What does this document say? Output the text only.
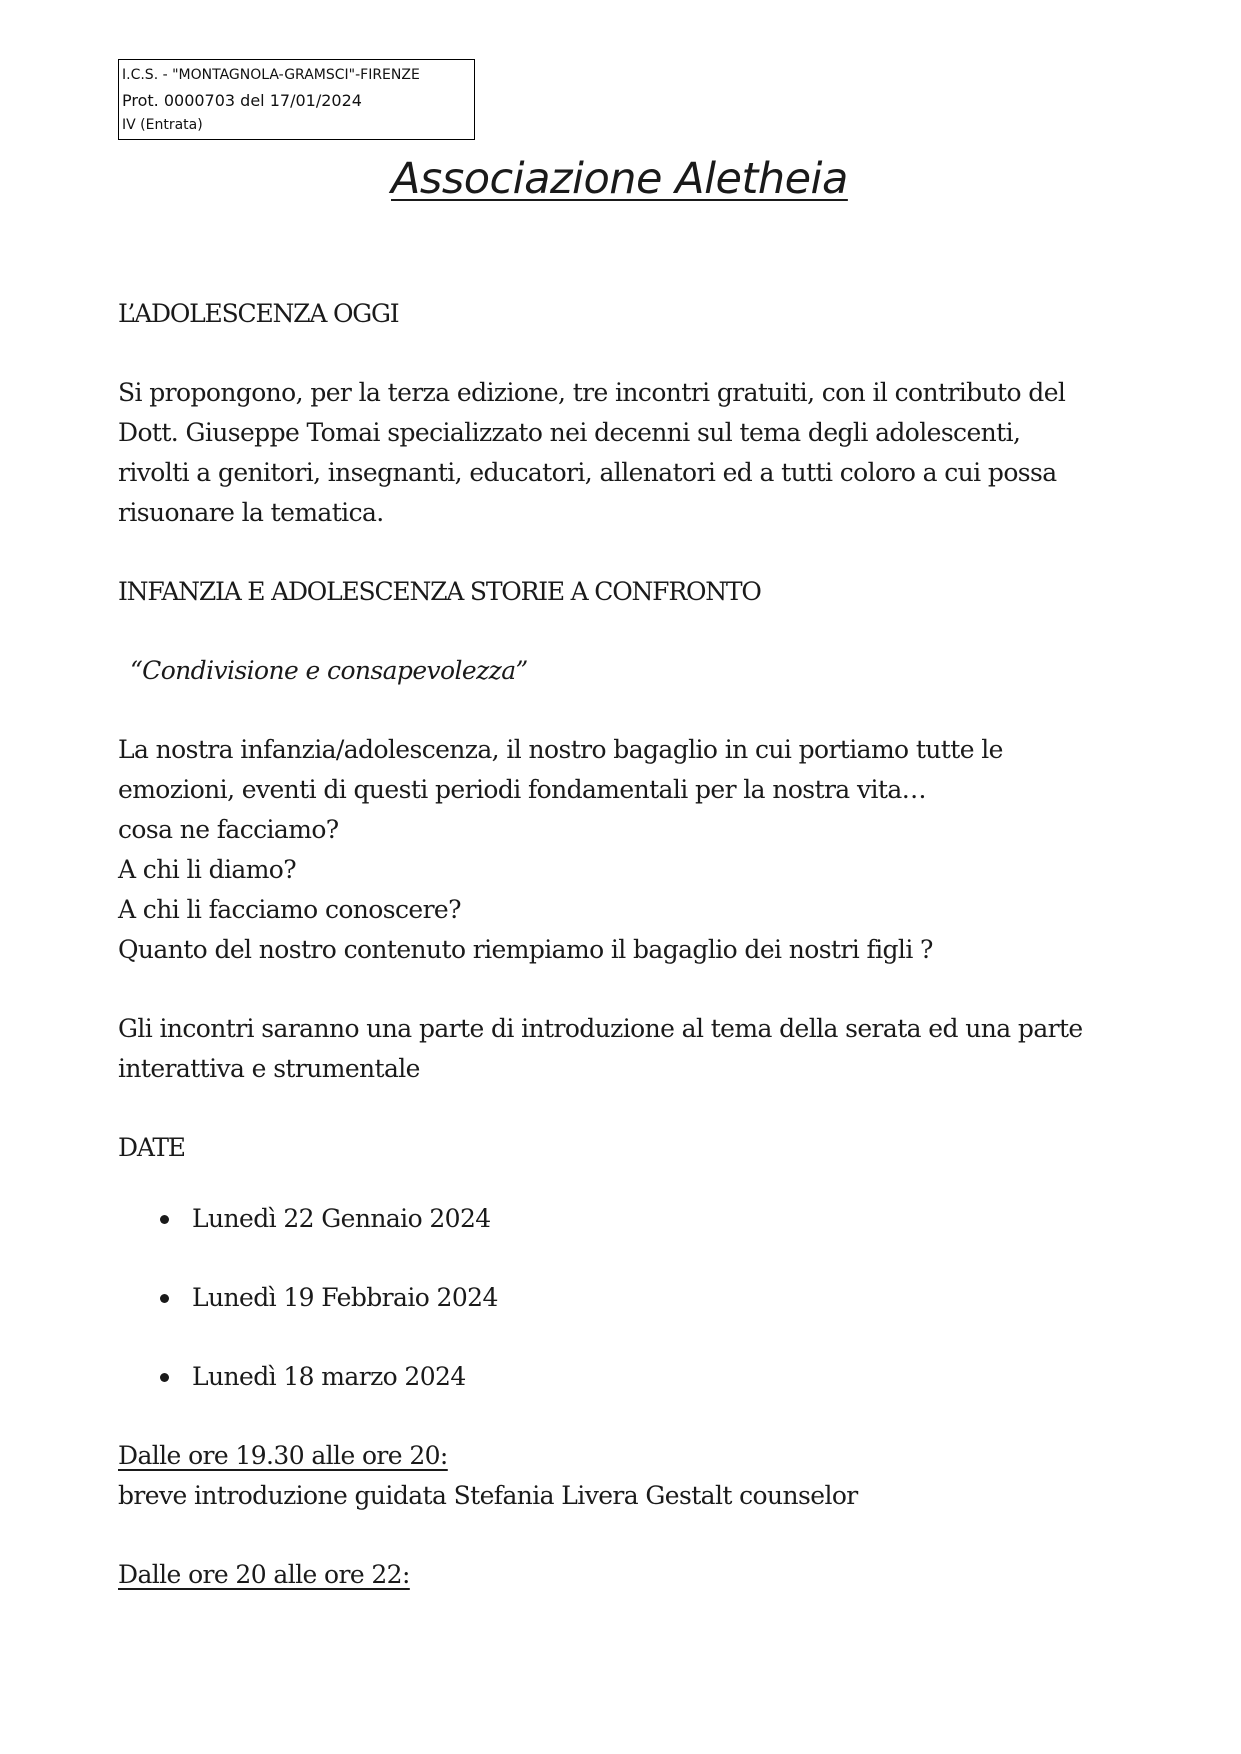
I.C.S. - "MONTAGNOLA-GRAMSCI"-FIRENZE
Prot. 0000703 del 17/01/2024
IV (Entrata)
Associazione Aletheia

L’ADOLESCENZA OGGI

Si propongono, per la terza edizione, tre incontri gratuiti, con il contributo del

Dott. Giuseppe Tomai specializzato nei decenni sul tema degli adolescenti,

rivolti a genitori, insegnanti, educatori, allenatori ed a tutti coloro a cui possa

risuonare la tematica.

INFANZIA E ADOLESCENZA STORIE A CONFRONTO

“Condivisione e consapevolezza”

La nostra infanzia/adolescenza, il nostro bagaglio in cui portiamo tutte le

emozioni, eventi di questi periodi fondamentali per la nostra vita…

cosa ne facciamo?

A chi li diamo?

A chi li facciamo conoscere?

Quanto del nostro contenuto riempiamo il bagaglio dei nostri figli ?

Gli incontri saranno una parte di introduzione al tema della serata ed una parte

interattiva e strumentale

DATE

Lunedì 22 Gennaio 2024
Lunedì 19 Febbraio 2024
Lunedì 18 marzo 2024

Dalle ore 19.30 alle ore 20:

breve introduzione guidata Stefania Livera Gestalt counselor

Dalle ore 20 alle ore 22:
